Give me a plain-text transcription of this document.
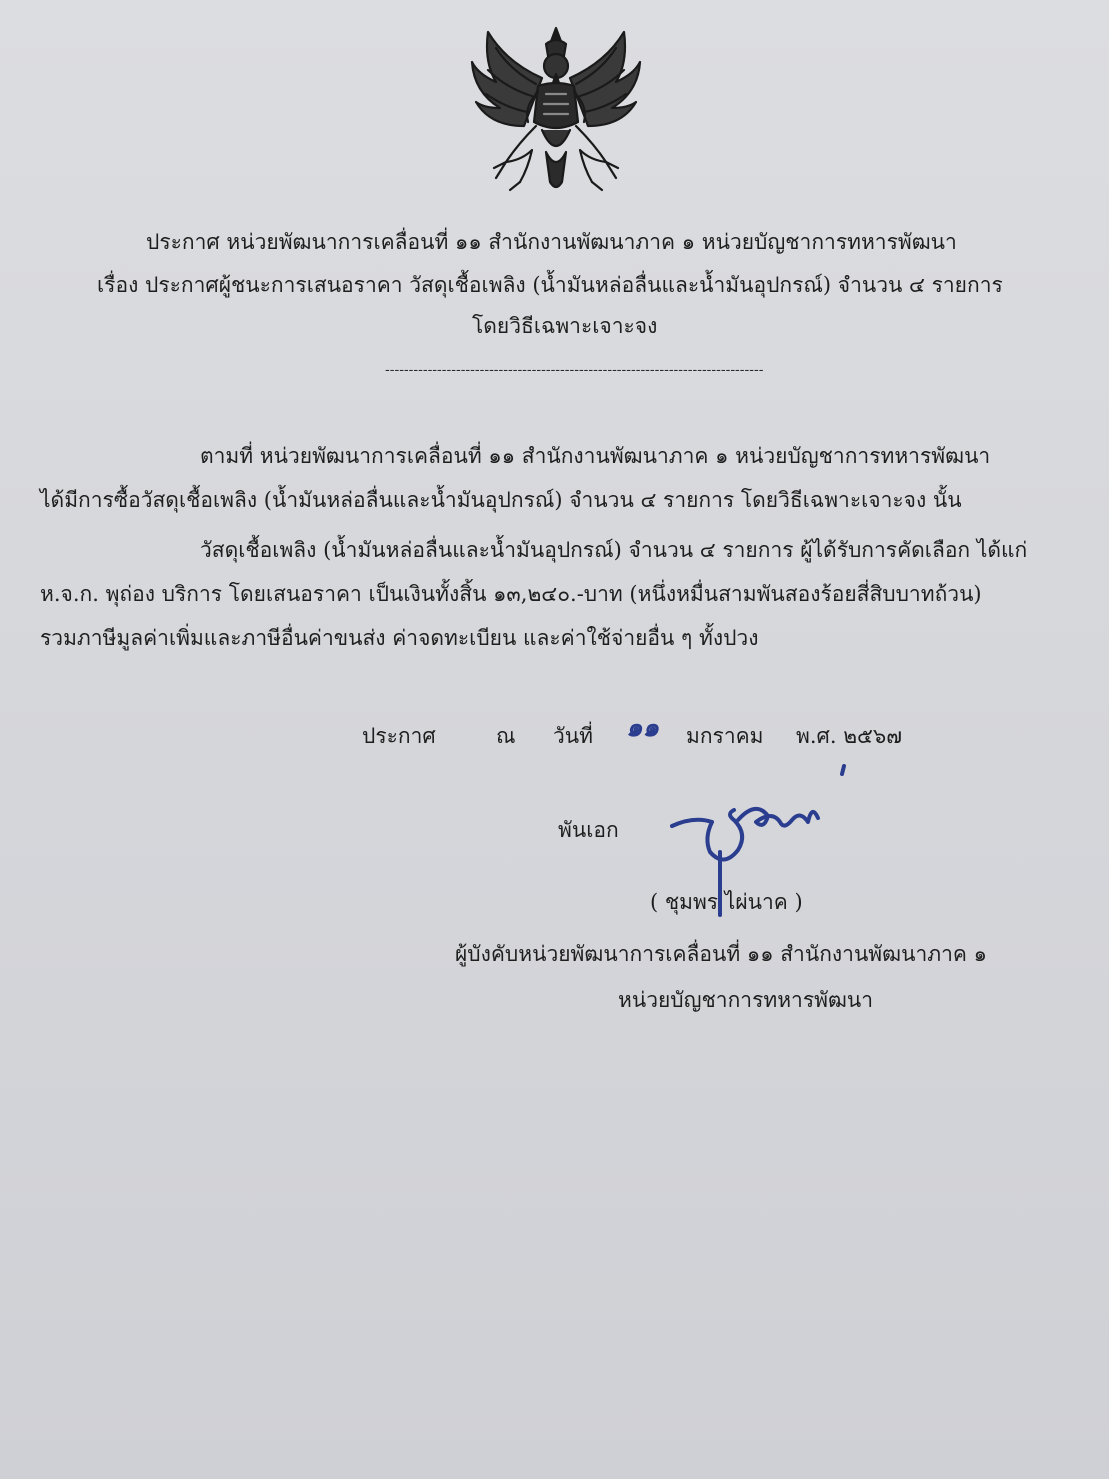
ประกาศ หน่วยพัฒนาการเคลื่อนที่ ๑๑ สำนักงานพัฒนาภาค ๑ หน่วยบัญชาการทหารพัฒนา
เรื่อง ประกาศผู้ชนะการเสนอราคา วัสดุเชื้อเพลิง (น้ำมันหล่อลื่นและน้ำมันอุปกรณ์) จำนวน ๔ รายการ
โดยวิธีเฉพาะเจาะจง
--------------------------------------------------------------------------------
ตามที่ หน่วยพัฒนาการเคลื่อนที่ ๑๑ สำนักงานพัฒนาภาค ๑ หน่วยบัญชาการทหารพัฒนา
ได้มีการซื้อวัสดุเชื้อเพลิง (น้ำมันหล่อลื่นและน้ำมันอุปกรณ์) จำนวน ๔ รายการ โดยวิธีเฉพาะเจาะจง นั้น
วัสดุเชื้อเพลิง (น้ำมันหล่อลื่นและน้ำมันอุปกรณ์) จำนวน ๔ รายการ ผู้ได้รับการคัดเลือก ได้แก่
ห.จ.ก. พุถ่อง บริการ โดยเสนอราคา เป็นเงินทั้งสิ้น ๑๓,๒๔๐.-บาท (หนึ่งหมื่นสามพันสองร้อยสี่สิบบาทถ้วน)
รวมภาษีมูลค่าเพิ่มและภาษีอื่นค่าขนส่ง ค่าจดทะเบียน และค่าใช้จ่ายอื่น ๆ ทั้งปวง
ประกาศ	ณ วันที่ ๑๑ มกราคม พ.ศ. ๒๕๖๗
พันเอก
( ชุมพร ไผ่นาค )
ผู้บังคับหน่วยพัฒนาการเคลื่อนที่ ๑๑ สำนักงานพัฒนาภาค ๑
หน่วยบัญชาการทหารพัฒนา
